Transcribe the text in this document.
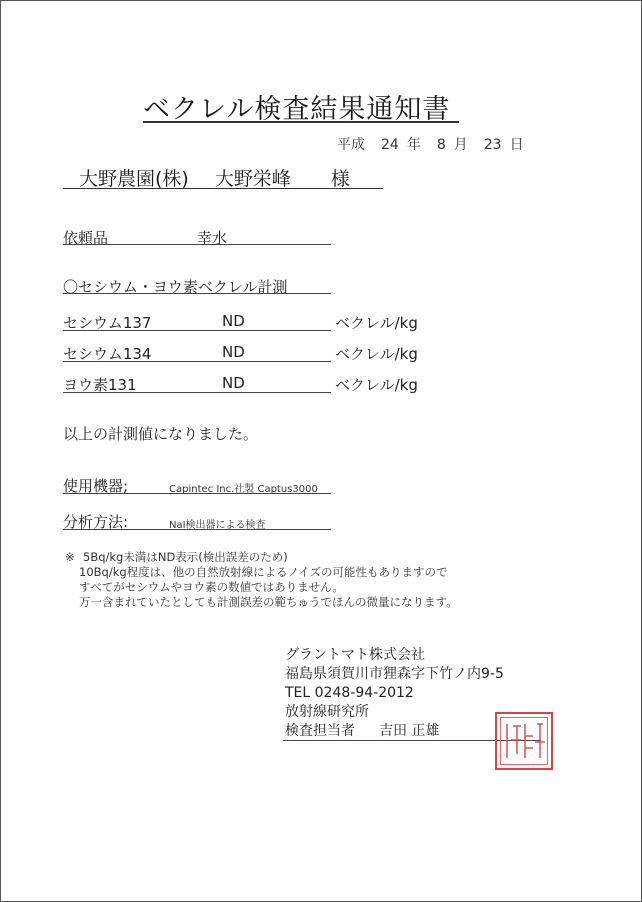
ベクレル検査結果通知書
平成 24 年 8 月 23 日
大野農園(株) 大野栄峰 様
依頼品	幸水
〇セシウム・ヨウ素ベクレル計測
セシウム137	ND	ベクレル/kg
セシウム134	ND	ベクレル/kg
ヨウ素131	ND	ベクレル/kg
以上の計測値になりました。
使用機器;	Capintec Inc.社製 Captus3000
分析方法:	NaI検出器による検査
※ 5Bq/kg未満はND表示(検出誤差のため)
10Bq/kg程度は、他の自然放射線によるノイズの可能性もありますので
すべてがセシウムやヨウ素の数値ではありません。
万一含まれていたとしても計測誤差の範ちゅうでほんの微量になります。
グラントマト株式会社
福島県須賀川市狸森字下竹ノ内9-5
TEL 0248-94-2012
放射線研究所
検査担当者 吉田 正雄
